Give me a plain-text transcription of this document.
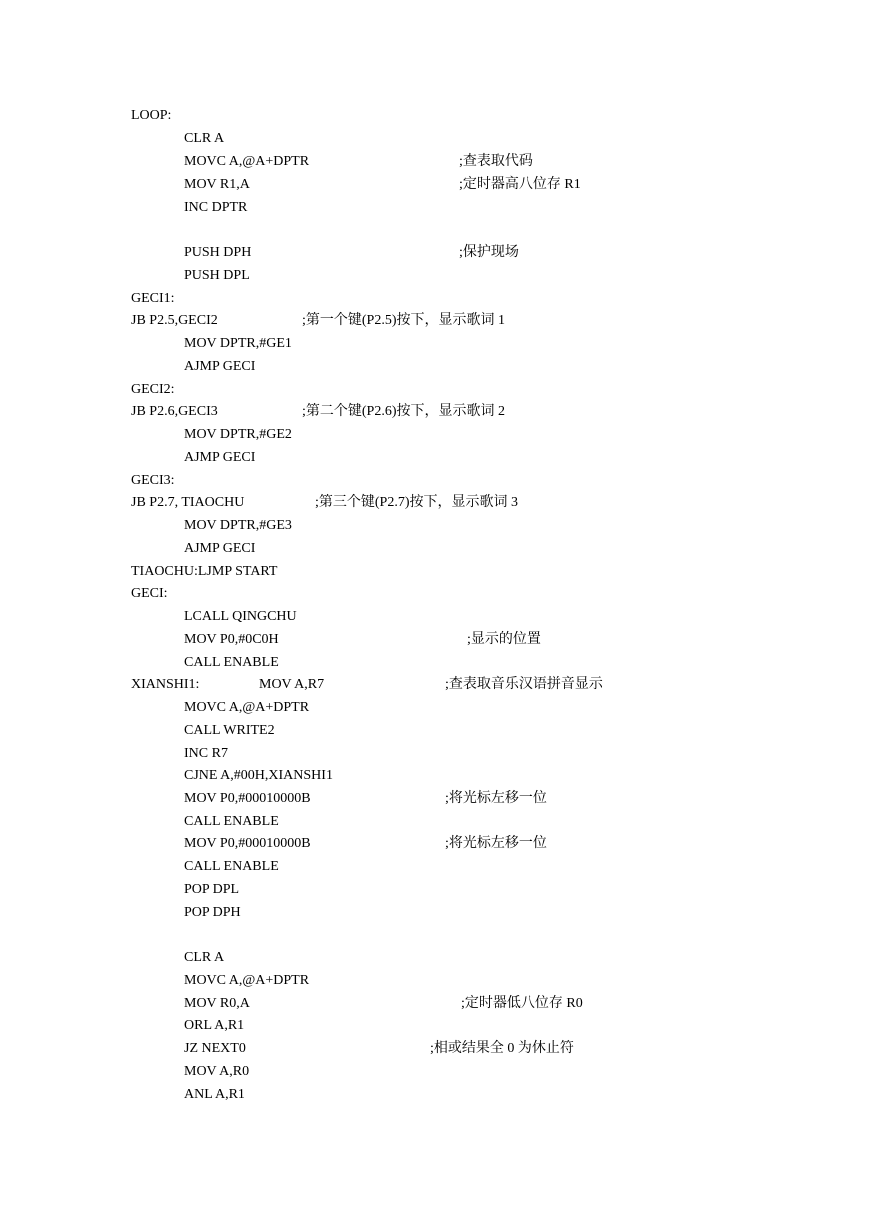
LOOP:
CLR A
MOVC A,@A+DPTR	;查表取代码
MOV R1,A	;定时器高八位存 R1
INC DPTR
PUSH DPH	;保护现场
PUSH DPL
GECI1:
JB P2.5,GECI2	;第一个键(P2.5)按下，显示歌词 1
MOV DPTR,#GE1
AJMP GECI
GECI2:
JB P2.6,GECI3	;第二个键(P2.6)按下，显示歌词 2
MOV DPTR,#GE2
AJMP GECI
GECI3:
JB P2.7, TIAOCHU	;第三个键(P2.7)按下，显示歌词 3
MOV DPTR,#GE3
AJMP GECI
TIAOCHU:LJMP START
GECI:
LCALL QINGCHU
MOV P0,#0C0H	;显示的位置
CALL ENABLE
XIANSHI1:	MOV A,R7	;查表取音乐汉语拼音显示
MOVC A,@A+DPTR
CALL WRITE2
INC R7
CJNE A,#00H,XIANSHI1
MOV P0,#00010000B	;将光标左移一位
CALL ENABLE
MOV P0,#00010000B	;将光标左移一位
CALL ENABLE
POP DPL
POP DPH
CLR A
MOVC A,@A+DPTR
MOV R0,A	;定时器低八位存 R0
ORL A,R1
JZ NEXT0	;相或结果全 0 为休止符
MOV A,R0
ANL A,R1
